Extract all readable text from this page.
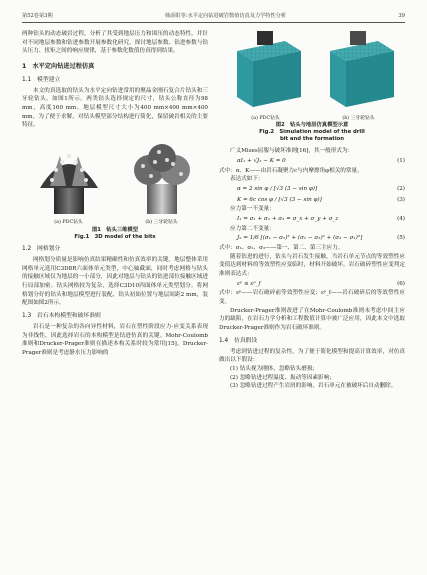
第52卷第3期	韩添阳等:水平定向钻进破岩数值仿真及力学特性分析	39

两种钻头的动态破岩过程，分析了其受到地层压力和围压的动态特性，并针对不同地层参数和钻进参数开展参数化研究，探讨地层参数、钻进参数与钻头压力、扭矩之间的响应规律，基于参数化数值仿真得到结果。

1　水平定向钻进过程仿真
1.1　模型建立

本文的真选取的钻头为水平定向钻进常用的聚晶金刚石复合片钻头和三牙轮钻头，如图1所示。两类钻头选择规定的尺寸，钻头公称直径为98 mm，高度160 mm。地层模型尺寸大小为400 mm×400 mm×400 mm。为了便于求解，对钻头模型部分结构进行简化，保留破岩相关的主要特征。

(a) PDC钻头	(b) 三牙轮钻头
图1　钻头三维模型
Fig.1　3D model of the bits
1.2　网格划分

网格划分质量是影响仿真结果精确性和仿真效率的关键。地层整体采用网格单元选用C3D8R六面体单元类型，中心轴截面，同时考虑网格与钻头的接触区域仅为地层的一小部分，因此对地层与钻头的钻进部位接触区域进行局部加密。钻头网格较为复杂，选择C3D10四面体单元类型划分。将网格划分好的钻头和地层模型进行装配，钻头初始位置与地层间距2 mm，装配图如图2所示。

1.3　岩石本构模型和破坏准则

岩石是一种复杂的各向异性材料，岩石在塑性阶段应力-应变关系表现为非线性，因此选择岩石的本构模型是钻进仿真的关键。Mohr-Coulomb准则和Drucker-Prager准则在描述本构关系时较为常用[15]。Drucker-Prager准则是考虑静水压力影响的

(a) PDC钻头	(b) 三牙轮钻头
图2　钻头与地层仿真模型示意
Fig.2　Simulation model of the drill
bit and the formation

广义Mises屈服与破坏准则[16]，其一般形式为：

αI₁ + √J₂ − K = 0	(1)

式中：α、K——由岩石凝聚力c与内摩擦角φ相关的常量。

表达式如下：

α = 2 sin φ / [√3 (3 − sin φ)]	(2)
K = 6c cos φ / [√3 (3 − sin φ)]	(3)

应力第一不变量：

I₁ = σ₁ + σ₂ + σ₃ = σ_x + σ_y + σ_z	(4)

应力第二不变量：

J₂ = 1/6 [(σ₁ − σ₂)² + (σ₂ − σ₃)² + (σ₃ − σ₁)²]	(5)

式中：σ₁、σ₂、σ₃——第一、第二、第三主应力。

随着钻进的进行，钻头与岩石发生接触，当岩石单元节点的等效塑性应变值达到材料的等效塑性应变临时，材料开始破坏。岩石破碎塑性应变判定准则表达式：

εᵖ ≤ εᵖ_f	(6)

式中：εᵖ——岩石破碎前等效塑性应变；εᵖ_f——岩石破碎后的等效塑性应变。

Drucker-Prager准则改进了在Mohr-Coulomb准则未考虑中间主应力的缺陷，在岩石力学分析和工程数值计算中被广泛应用，因此本文中选取Drucker-Prager准则作为岩石破坏准则。

1.4　仿真假设

考虑到钻进过程的复杂性，为了便于简化模型和提高计算效率，对仿真做出以下假设：

(1) 钻头视为刚体，忽略钻头磨损；

(2) 忽略钻进过程温度、振动等因素影响；

(3) 忽略钻进过程产生岩屑的影响，岩石单元在被破坏后自动删除。
